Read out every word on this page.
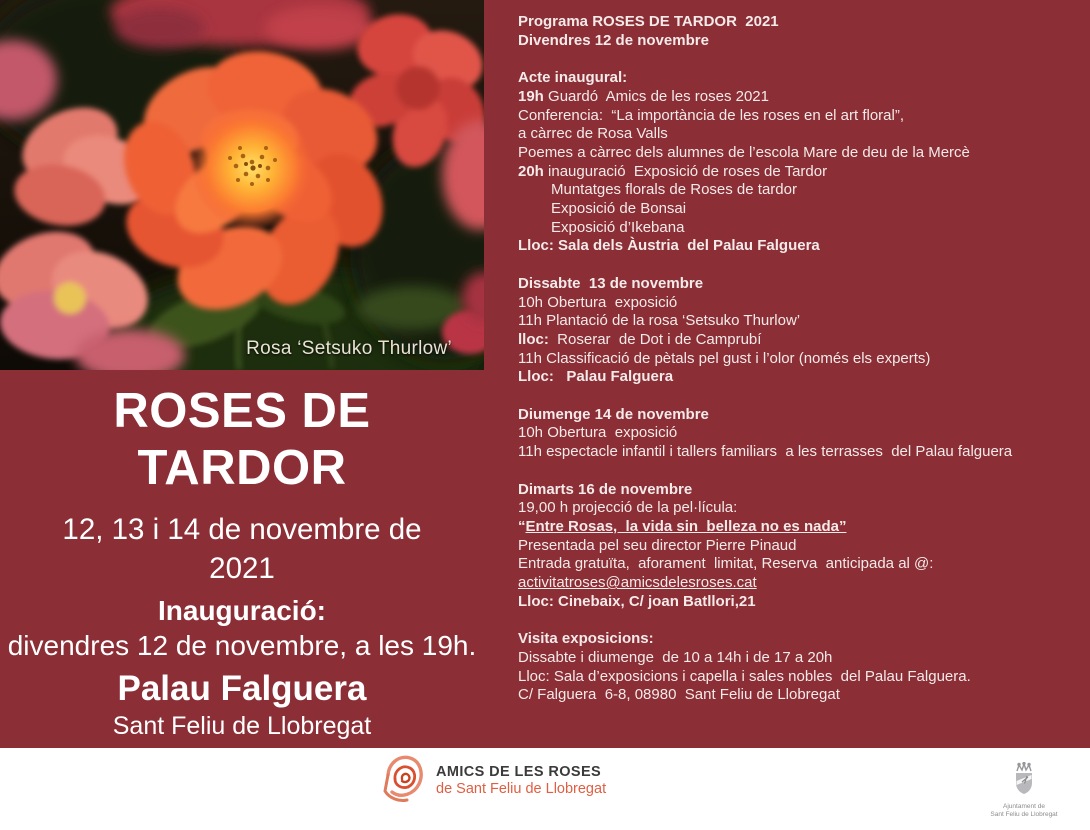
Rosa ‘Setsuko Thurlow’
ROSES DE
TARDOR
12, 13 i 14 de novembre de
2021
Inauguració:
divendres 12 de novembre, a les 19h.
Palau Falguera
Sant Feliu de Llobregat
Programa ROSES DE TARDOR  2021
Divendres 12 de novembre
Acte inaugural:
19h Guardó  Amics de les roses 2021
Conferencia:  “La importància de les roses en el art floral”,
a càrrec de Rosa Valls
Poemes a càrrec dels alumnes de l’escola Mare de deu de la Mercè
20h inauguració  Exposició de roses de Tardor
Muntatges florals de Roses de tardor
Exposició de Bonsai
Exposició d’Ikebana
Lloc: Sala dels Àustria  del Palau Falguera
Dissabte  13 de novembre
10h Obertura  exposició
11h Plantació de la rosa ‘Setsuko Thurlow’
lloc:  Roserar  de Dot i de Camprubí
11h Classificació de pètals pel gust i l’olor (només els experts)
Lloc:   Palau Falguera
Diumenge 14 de novembre
10h Obertura  exposició
11h espectacle infantil i tallers familiars  a les terrasses  del Palau falguera
Dimarts 16 de novembre
19,00 h projecció de la pel·lícula:
“Entre Rosas,  la vida sin  belleza no es nada”
Presentada pel seu director Pierre Pinaud
Entrada gratuïta,  aforament  limitat, Reserva  anticipada al @:
activitatroses@amicsdelesroses.cat
Lloc: Cinebaix, C/ joan Batllori,21
Visita exposicions:
Dissabte i diumenge  de 10 a 14h i de 17 a 20h
Lloc: Sala d’exposicions i capella i sales nobles  del Palau Falguera.
C/ Falguera  6-8, 08980  Sant Feliu de Llobregat
AMICS DE LES ROSES
de Sant Feliu de Llobregat
Ajuntament de
Sant Feliu de Llobregat
